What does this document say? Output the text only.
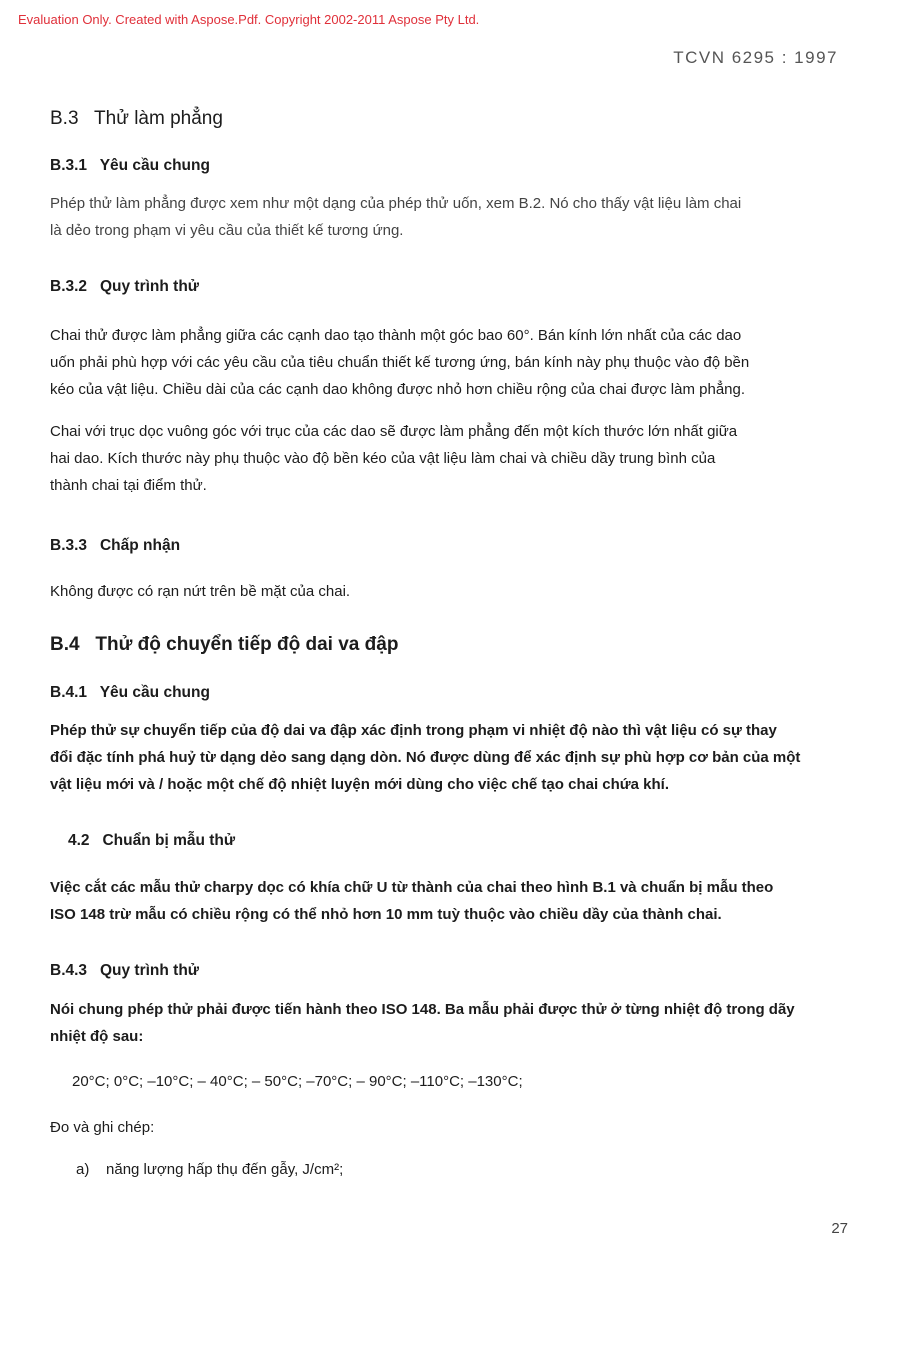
Evaluation Only. Created with Aspose.Pdf. Copyright 2002-2011 Aspose Pty Ltd.
TCVN 6295 : 1997
B.3 Thử làm phẳng
B.3.1 Yêu cầu chung
Phép thử làm phẳng được xem như một dạng của phép thử uốn, xem B.2. Nó cho thấy vật liệu làm chai
là dẻo trong phạm vi yêu cầu của thiết kế tương ứng.
B.3.2 Quy trình thử
Chai thử được làm phẳng giữa các cạnh dao tạo thành một góc bao 60°. Bán kính lớn nhất của các dao
uốn phải phù hợp với các yêu cầu của tiêu chuẩn thiết kế tương ứng, bán kính này phụ thuộc vào độ bền
kéo của vật liệu. Chiều dài của các cạnh dao không được nhỏ hơn chiều rộng của chai được làm phẳng.
Chai với trục dọc vuông góc với trục của các dao sẽ được làm phẳng đến một kích thước lớn nhất giữa
hai dao. Kích thước này phụ thuộc vào độ bền kéo của vật liệu làm chai và chiều dầy trung bình của
thành chai tại điểm thử.
B.3.3 Chấp nhận
Không được có rạn nứt trên bề mặt của chai.
B.4 Thử độ chuyển tiếp độ dai va đập
B.4.1 Yêu cầu chung
Phép thử sự chuyển tiếp của độ dai va đập xác định trong phạm vi nhiệt độ nào thì vật liệu có sự thay
đổi đặc tính phá huỷ từ dạng dẻo sang dạng dòn. Nó được dùng để xác định sự phù hợp cơ bản của một
vật liệu mới và / hoặc một chế độ nhiệt luyện mới dùng cho việc chế tạo chai chứa khí.
4.2 Chuẩn bị mẫu thử
Việc cắt các mẫu thử charpy dọc có khía chữ U từ thành của chai theo hình B.1 và chuẩn bị mẫu theo
ISO 148 trừ mẫu có chiều rộng có thể nhỏ hơn 10 mm tuỳ thuộc vào chiều dầy của thành chai.
B.4.3 Quy trình thử
Nói chung phép thử phải được tiến hành theo ISO 148. Ba mẫu phải được thử ở từng nhiệt độ trong dãy
nhiệt độ sau:
20°C; 0°C; –10°C; – 40°C; – 50°C; –70°C; – 90°C; –110°C; –130°C;
Đo và ghi chép:
a) năng lượng hấp thụ đến gẫy, J/cm²;
27
